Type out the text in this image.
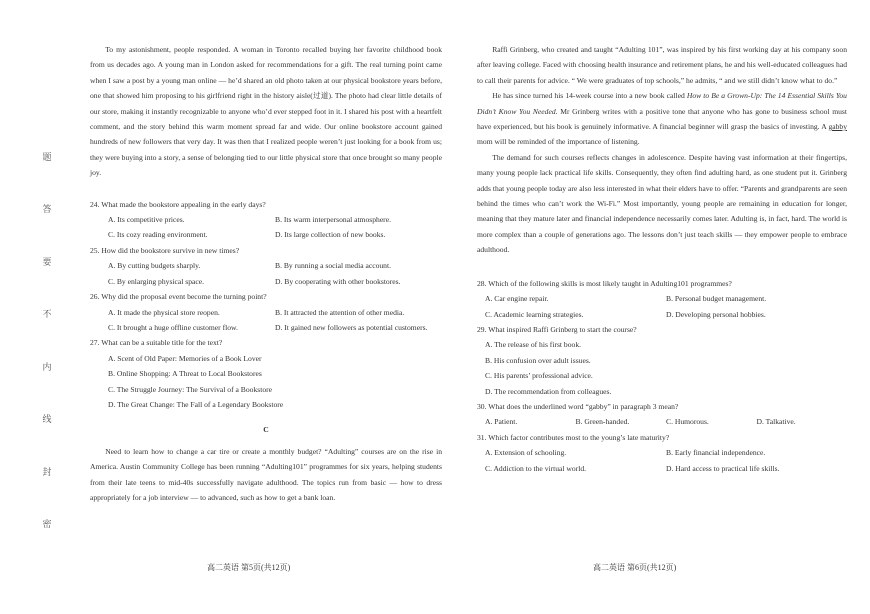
题
答
要
不
内
线
封
密

To my astonishment, people responded. A woman in Toronto recalled buying her favorite childhood book from us decades ago. A young man in London asked for recommendations for a gift. The real turning point came when I saw a post by a young man online — he’d shared an old photo taken at our physical bookstore years before, one that showed him proposing to his girlfriend right in the history aisle(过道). The photo had clear little details of our store, making it instantly recognizable to anyone who’d ever stepped foot in it. I shared his post with a heartfelt comment, and the story behind this warm moment spread far and wide. Our online bookstore account gained hundreds of new followers that very day. It was then that I realized people weren’t just looking for a book from us; they were buying into a story, a sense of belonging tied to our little physical store that once brought so many people joy.

24. What made the bookstore appealing in the early days?
A. Its competitive prices.	B. Its warm interpersonal atmosphere.
C. Its cozy reading environment.	D. Its large collection of new books.
25. How did the bookstore survive in new times?
A. By cutting budgets sharply.	B. By running a social media account.
C. By enlarging physical space.	D. By cooperating with other bookstores.
26. Why did the proposal event become the turning point?
A. It made the physical store reopen.	B. It attracted the attention of other media.
C. It brought a huge offline customer flow.	D. It gained new followers as potential customers.
27. What can be a suitable title for the text?
A. Scent of Old Paper: Memories of a Book Lover
B. Online Shopping: A Threat to Local Bookstores
C. The Struggle Journey: The Survival of a Bookstore
D. The Great Change: The Fall of a Legendary Bookstore
C

Need to learn how to change a car tire or create a monthly budget? “Adulting” courses are on the rise in America. Austin Community College has been running “Adulting101” programmes for six years, helping students from their late teens to mid-40s successfully navigate adulthood. The topics run from basic — how to dress appropriately for a job interview — to advanced, such as how to get a bank loan.

高二英语 第5页(共12页)

Raffi Grinberg, who created and taught “Adulting 101”, was inspired by his first working day at his company soon after leaving college. Faced with choosing health insurance and retirement plans, he and his well-educated colleagues had to call their parents for advice. “ We were graduates of top schools,” he admits, “ and we still didn’t know what to do.”

He has since turned his 14-week course into a new book called How to Be a Grown-Up: The 14 Essential Skills You Didn’t Know You Needed. Mr Grinberg writes with a positive tone that anyone who has gone to business school must have experienced, but his book is genuinely informative. A financial beginner will grasp the basics of investing. A gabby mom will be reminded of the importance of listening.

The demand for such courses reflects changes in adolescence. Despite having vast information at their fingertips, many young people lack practical life skills. Consequently, they often find adulting hard, as one student put it. Grinberg adds that young people today are also less interested in what their elders have to offer. “Parents and grandparents are seen behind the times who can’t work the Wi-Fi.” Most importantly, young people are remaining in education for longer, meaning that they mature later and financial independence necessarily comes later. Adulting is, in fact, hard. The world is more complex than a couple of generations ago. The lessons don’t just teach skills — they empower people to embrace adulthood.

28. Which of the following skills is most likely taught in Adulting101 programmes?
A. Car engine repair.	B. Personal budget management.
C. Academic learning strategies.	D. Developing personal hobbies.
29. What inspired Raffi Grinberg to start the course?
A. The release of his first book.
B. His confusion over adult issues.
C. His parents’ professional advice.
D. The recommendation from colleagues.
30. What does the underlined word “gabby” in paragraph 3 mean?
A. Patient.	B. Green-handed.	C. Humorous.	D. Talkative.
31. Which factor contributes most to the young’s late maturity?
A. Extension of schooling.	B. Early financial independence.
C. Addiction to the virtual world.	D. Hard access to practical life skills.
高二英语 第6页(共12页)
